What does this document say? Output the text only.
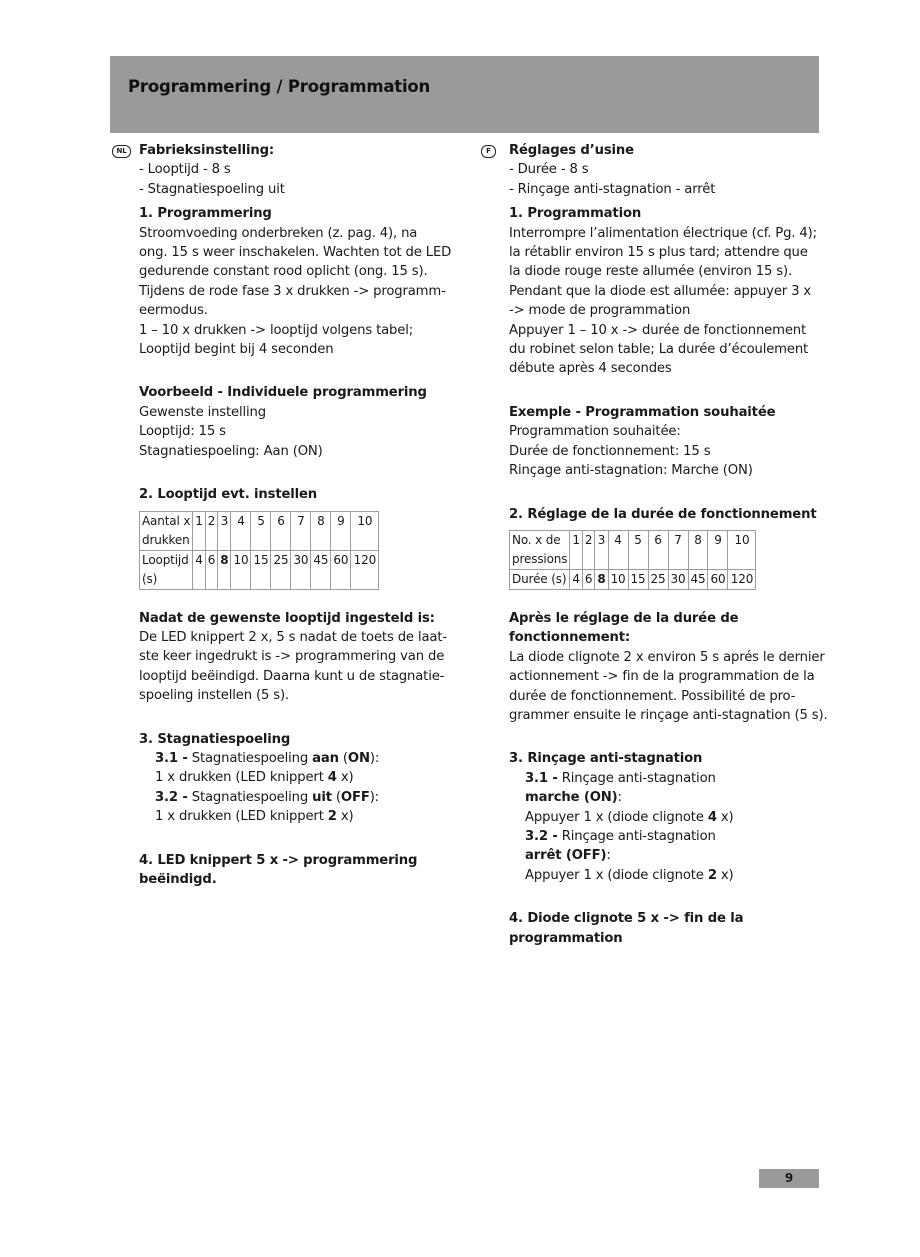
Programmering / Programmation
NL Fabrieksinstelling:

- Looptijd - 8 s

- Stagnatiespoeling uit

1. Programmering

Stroomvoeding onderbreken (z. pag. 4), na

ong. 15 s weer inschakelen. Wachten tot de LED

gedurende constant rood oplicht (ong. 15 s).

Tijdens de rode fase 3 x drukken -> programm-

eermodus.

1 – 10 x drukken -> looptijd volgens tabel;

Looptijd begint bij 4 seconden

Voorbeeld - Individuele programmering

Gewenste instelling

Looptijd: 15 s

Stagnatiespoeling: Aan (ON)

2. Looptijd evt. instellen

Aantal x
drukken	1	2	3	4	5	6	7	8	9	10
Looptijd
(s)	4	6	8	10	15	25	30	45	60	120

Nadat de gewenste looptijd ingesteld is:

De LED knippert 2 x, 5 s nadat de toets de laat-

ste keer ingedrukt is -> programmering van de

looptijd beëindigd. Daarna kunt u de stagnatie-

spoeling instellen (5 s).

3. Stagnatiespoeling

3.1 - Stagnatiespoeling aan (ON):

1 x drukken (LED knippert 4 x)

3.2 - Stagnatiespoeling uit (OFF):

1 x drukken (LED knippert 2 x)

4. LED knippert 5 x -> programmering beëindigd.

F	Réglages d’usine

- Durée - 8 s

- Rinçage anti-stagnation - arrêt

1. Programmation

Interrompre l’alimentation électrique (cf. Pg. 4);

la rétablir environ 15 s plus tard; attendre que

la diode rouge reste allumée (environ 15 s).

Pendant que la diode est allumée: appuyer 3 x

-> mode de programmation

Appuyer 1 – 10 x -> durée de fonctionnement

du robinet selon table; La durée d’écoulement

débute après 4 secondes

Exemple - Programmation souhaitée

Programmation souhaitée:

Durée de fonctionnement: 15 s

Rinçage anti-stagnation: Marche (ON)

2. Réglage de la durée de fonctionnement

No. x de
pressions	1	2	3	4	5	6	7	8	9	10
Durée (s)	4	6	8	10	15	25	30	45	60	120

Après le réglage de la durée de fonctionnement:

La diode clignote 2 x environ 5 s aprés le dernier

actionnement -> fin de la programmation de la

durée de fonctionnement. Possibilité de pro-

grammer ensuite le rinçage anti-stagnation (5 s).

3. Rinçage anti-stagnation

3.1 - Rinçage anti-stagnation

marche (ON):

Appuyer 1 x (diode clignote 4 x)

3.2 - Rinçage anti-stagnation

arrêt (OFF):

Appuyer 1 x (diode clignote 2 x)

4. Diode clignote 5 x -> fin de la programmation

9
